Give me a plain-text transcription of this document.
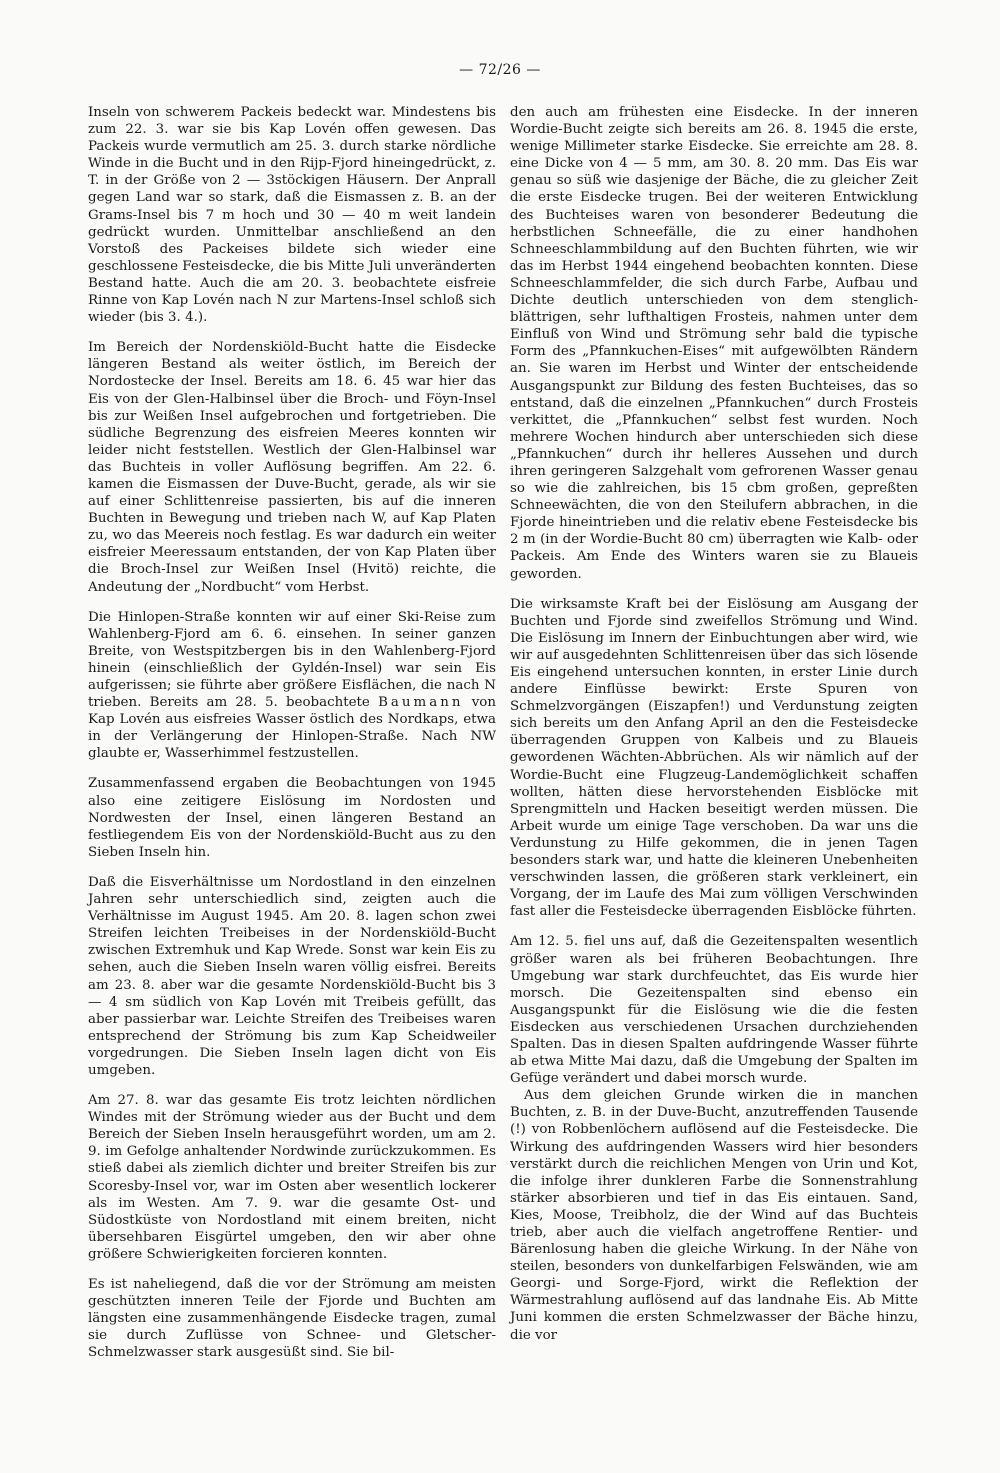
— 72/26 —

Inseln von schwerem Packeis bedeckt war. Mindestens bis zum 22. 3. war sie bis Kap Lovén offen gewesen. Das Packeis wurde vermutlich am 25. 3. durch starke nördliche Winde in die Bucht und in den Rijp-Fjord hineingedrückt, z. T. in der Größe von 2 — 3stöckigen Häusern. Der Anprall gegen Land war so stark, daß die Eismassen z. B. an der Grams-Insel bis 7 m hoch und 30 — 40 m weit landein gedrückt wurden. Unmittelbar anschließend an den Vorstoß des Packeises bildete sich wieder eine geschlossene Festeisdecke, die bis Mitte Juli unveränderten Bestand hatte. Auch die am 20. 3. beobachtete eisfreie Rinne von Kap Lovén nach N zur Martens-Insel schloß sich wieder (bis 3. 4.).

Im Bereich der Nordenskiöld-Bucht hatte die Eisdecke längeren Bestand als weiter östlich, im Bereich der Nordostecke der Insel. Bereits am 18. 6. 45 war hier das Eis von der Glen-Halbinsel über die Broch- und Föyn-Insel bis zur Weißen Insel aufgebrochen und fortgetrieben. Die südliche Begrenzung des eisfreien Meeres konnten wir leider nicht feststellen. Westlich der Glen-Halbinsel war das Buchteis in voller Auflösung begriffen. Am 22. 6. kamen die Eismassen der Duve-Bucht, gerade, als wir sie auf einer Schlittenreise passierten, bis auf die inneren Buchten in Bewegung und trieben nach W, auf Kap Platen zu, wo das Meereis noch festlag. Es war dadurch ein weiter eisfreier Meeressaum entstanden, der von Kap Platen über die Broch-Insel zur Weißen Insel (Hvitö) reichte, die Andeutung der „Nordbucht“ vom Herbst.

Die Hinlopen-Straße konnten wir auf einer Ski-Reise zum Wahlenberg-Fjord am 6. 6. einsehen. In seiner ganzen Breite, von Westspitzbergen bis in den Wahlenberg-Fjord hinein (einschließlich der Gyldén-Insel) war sein Eis aufgerissen; sie führte aber größere Eisflächen, die nach N trieben. Bereits am 28. 5. beobachtete Baumann von Kap Lovén aus eisfreies Wasser östlich des Nordkaps, etwa in der Verlängerung der Hinlopen-Straße. Nach NW glaubte er, Wasserhimmel festzustellen.

Zusammenfassend ergaben die Beobachtungen von 1945 also eine zeitigere Eislösung im Nordosten und Nordwesten der Insel, einen längeren Bestand an festliegendem Eis von der Nordenskiöld-Bucht aus zu den Sieben Inseln hin.

Daß die Eisverhältnisse um Nordostland in den einzelnen Jahren sehr unterschiedlich sind, zeigten auch die Verhältnisse im August 1945. Am 20. 8. lagen schon zwei Streifen leichten Treibeises in der Nordenskiöld-Bucht zwischen Extremhuk und Kap Wrede. Sonst war kein Eis zu sehen, auch die Sieben Inseln waren völlig eisfrei. Bereits am 23. 8. aber war die gesamte Nordenskiöld-Bucht bis 3 — 4 sm südlich von Kap Lovén mit Treibeis gefüllt, das aber passierbar war. Leichte Streifen des Treibeises waren entsprechend der Strömung bis zum Kap Scheidweiler vorgedrungen. Die Sieben Inseln lagen dicht von Eis umgeben.

Am 27. 8. war das gesamte Eis trotz leichten nördlichen Windes mit der Strömung wieder aus der Bucht und dem Bereich der Sieben Inseln herausgeführt worden, um am 2. 9. im Gefolge anhaltender Nordwinde zurückzukommen. Es stieß dabei als ziemlich dichter und breiter Streifen bis zur Scoresby-Insel vor, war im Osten aber wesentlich lockerer als im Westen. Am 7. 9. war die gesamte Ost- und Südostküste von Nordostland mit einem breiten, nicht übersehbaren Eisgürtel umgeben, den wir aber ohne größere Schwierigkeiten forcieren konnten.

Es ist naheliegend, daß die vor der Strömung am meisten geschützten inneren Teile der Fjorde und Buchten am längsten eine zusammenhängende Eisdecke tragen, zumal sie durch Zuflüsse von Schnee- und Gletscher-Schmelzwasser stark ausgesüßt sind. Sie bil-

den auch am frühesten eine Eisdecke. In der inneren Wordie-Bucht zeigte sich bereits am 26. 8. 1945 die erste, wenige Millimeter starke Eisdecke. Sie erreichte am 28. 8. eine Dicke von 4 — 5 mm, am 30. 8. 20 mm. Das Eis war genau so süß wie dasjenige der Bäche, die zu gleicher Zeit die erste Eisdecke trugen. Bei der weiteren Entwicklung des Buchteises waren von besonderer Bedeutung die herbstlichen Schneefälle, die zu einer handhohen Schneeschlammbildung auf den Buchten führten, wie wir das im Herbst 1944 eingehend beobachten konnten. Diese Schneeschlammfelder, die sich durch Farbe, Aufbau und Dichte deutlich unterschieden von dem stenglich-blättrigen, sehr lufthaltigen Frosteis, nahmen unter dem Einfluß von Wind und Strömung sehr bald die typische Form des „Pfannkuchen-Eises“ mit aufgewölbten Rändern an. Sie waren im Herbst und Winter der entscheidende Ausgangspunkt zur Bildung des festen Buchteises, das so entstand, daß die einzelnen „Pfannkuchen“ durch Frosteis verkittet, die „Pfannkuchen“ selbst fest wurden. Noch mehrere Wochen hindurch aber unterschieden sich diese „Pfannkuchen“ durch ihr helleres Aussehen und durch ihren geringeren Salzgehalt vom gefrorenen Wasser genau so wie die zahlreichen, bis 15 cbm großen, gepreßten Schneewächten, die von den Steilufern abbrachen, in die Fjorde hineintrieben und die relativ ebene Festeisdecke bis 2 m (in der Wordie-Bucht 80 cm) überragten wie Kalb- oder Packeis. Am Ende des Winters waren sie zu Blaueis geworden.

Die wirksamste Kraft bei der Eislösung am Ausgang der Buchten und Fjorde sind zweifellos Strömung und Wind. Die Eislösung im Innern der Einbuchtungen aber wird, wie wir auf ausgedehnten Schlittenreisen über das sich lösende Eis eingehend untersuchen konnten, in erster Linie durch andere Einflüsse bewirkt: Erste Spuren von Schmelzvorgängen (Eiszapfen!) und Verdunstung zeigten sich bereits um den Anfang April an den die Festeisdecke überragenden Gruppen von Kalbeis und zu Blaueis gewordenen Wächten-Abbrüchen. Als wir nämlich auf der Wordie-Bucht eine Flugzeug-Landemöglichkeit schaffen wollten, hätten diese hervorstehenden Eisblöcke mit Sprengmitteln und Hacken beseitigt werden müssen. Die Arbeit wurde um einige Tage verschoben. Da war uns die Verdunstung zu Hilfe gekommen, die in jenen Tagen besonders stark war, und hatte die kleineren Unebenheiten verschwinden lassen, die größeren stark verkleinert, ein Vorgang, der im Laufe des Mai zum völligen Verschwinden fast aller die Festeisdecke überragenden Eisblöcke führten.

Am 12. 5. fiel uns auf, daß die Gezeitenspalten wesentlich größer waren als bei früheren Beobachtungen. Ihre Umgebung war stark durchfeuchtet, das Eis wurde hier morsch. Die Gezeitenspalten sind ebenso ein Ausgangspunkt für die Eislösung wie die die festen Eisdecken aus verschiedenen Ursachen durchziehenden Spalten. Das in diesen Spalten aufdringende Wasser führte ab etwa Mitte Mai dazu, daß die Umgebung der Spalten im Gefüge verändert und dabei morsch wurde.

Aus dem gleichen Grunde wirken die in manchen Buchten, z. B. in der Duve-Bucht, anzutreffenden Tausende (!) von Robbenlöchern auflösend auf die Festeisdecke. Die Wirkung des aufdringenden Wassers wird hier besonders verstärkt durch die reichlichen Mengen von Urin und Kot, die infolge ihrer dunkleren Farbe die Sonnenstrahlung stärker absorbieren und tief in das Eis eintauen. Sand, Kies, Moose, Treibholz, die der Wind auf das Buchteis trieb, aber auch die vielfach angetroffene Rentier- und Bärenlosung haben die gleiche Wirkung. In der Nähe von steilen, besonders von dunkelfarbigen Felswänden, wie am Georgi- und Sorge-Fjord, wirkt die Reflektion der Wärmestrahlung auflösend auf das landnahe Eis. Ab Mitte Juni kommen die ersten Schmelzwasser der Bäche hinzu, die vor
